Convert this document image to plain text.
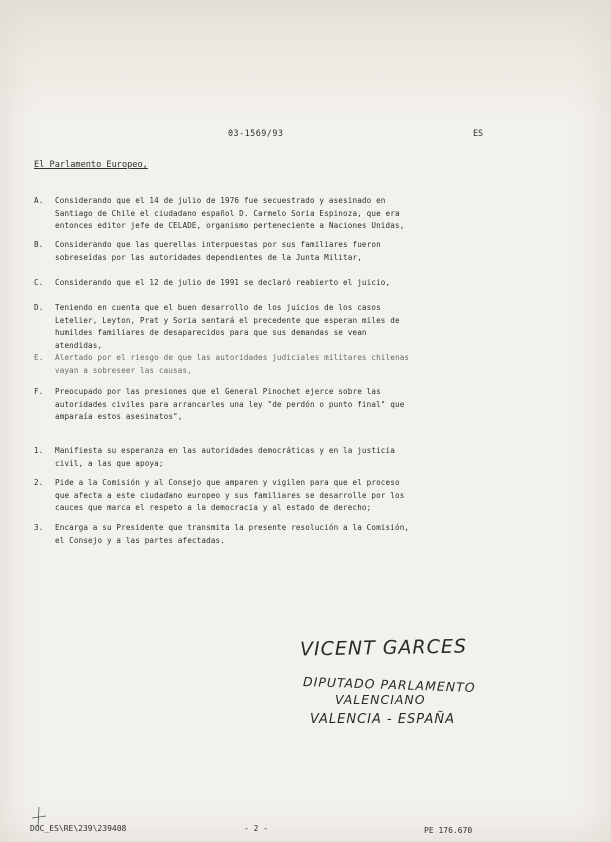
03-1569/93	ES
El Parlamento Europeo,
A.	Considerando que el 14 de julio de 1976 fue secuestrado y asesinado en
Santiago de Chile el ciudadano español D. Carmelo Soria Espinoza, que era
entonces editor jefe de CELADE, organismo perteneciente a Naciones Unidas,
B.	Considerando que las querellas interpuestas por sus familiares fueron
sobreseídas por las autoridades dependientes de la Junta Militar,
C.	Considerando que el 12 de julio de 1991 se declaró reabierto el juicio,
D.	Teniendo en cuenta que el buen desarrollo de los juicios de los casos
Letelier, Leyton, Prat y Soria sentará el precedente que esperan miles de
humildes familiares de desaparecidos para que sus demandas se vean
atendidas,
E.	Alertado por el riesgo de que las autoridades judiciales militares chilenas
vayan a sobreseer las causas,
F.	Preocupado por las presiones que el General Pinochet ejerce sobre las
autoridades civiles para arrancarles una ley "de perdón o punto final" que
amparaía estos asesinatos",
1.	Manifiesta su esperanza en las autoridades democráticas y en la justicia
civil, a las que apoya;
2.	Pide a la Comisión y al Consejo que amparen y vigilen para que el proceso
que afecta a este ciudadano europeo y sus familiares se desarrolle por los
cauces que marca el respeto a la democracia y al estado de derecho;
3.	Encarga a su Presidente que transmita la presente resolución a la Comisión,
el Consejo y a las partes afectadas.
VICENT GARCES
DIPUTADO PARLAMENTO
VALENCIANO
VALENCIA - ESPAÑA
DOC_ES\RE\239\239408	- 2 -	PE 176.670
